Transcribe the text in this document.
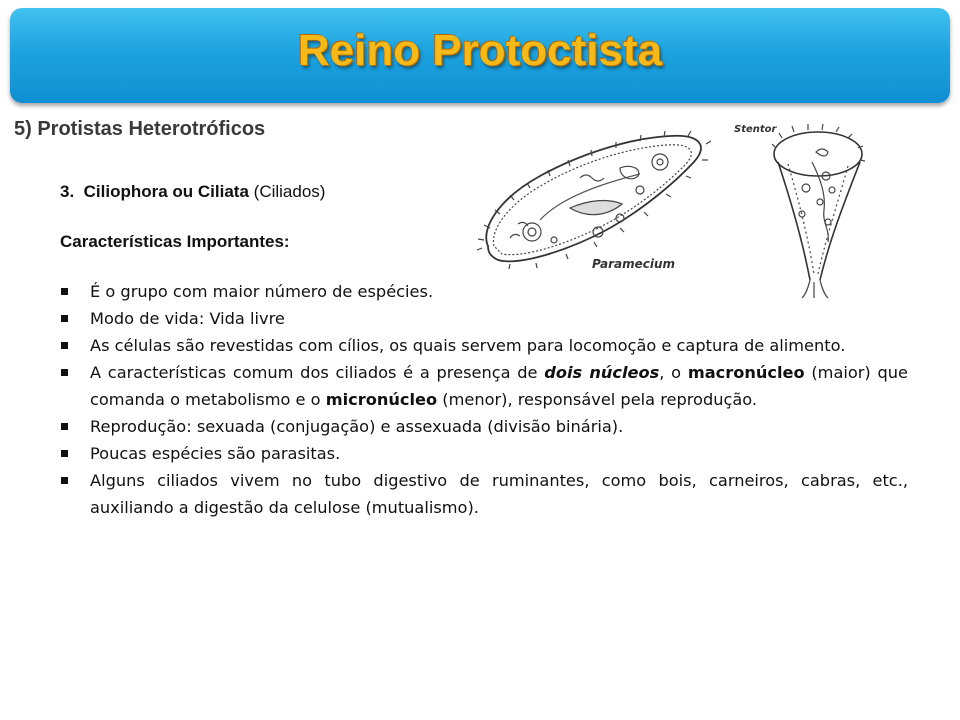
Reino Protoctista
5) Protistas Heterotróficos
3. Ciliophora ou Ciliata (Ciliados)
Características Importantes:
É o grupo com maior número de espécies.
Modo de vida: Vida livre
As células são revestidas com cílios, os quais servem para locomoção e captura de alimento.
A características comum dos ciliados é a presença de dois núcleos, o macronúcleo (maior) que comanda o metabolismo e o micronúcleo (menor), responsável pela reprodução.
Reprodução: sexuada (conjugação) e assexuada (divisão binária).
Poucas espécies são parasitas.
Alguns ciliados vivem no tubo digestivo de ruminantes, como bois, carneiros, cabras, etc., auxiliando a digestão da celulose (mutualismo).
Paramecium
Stentor
